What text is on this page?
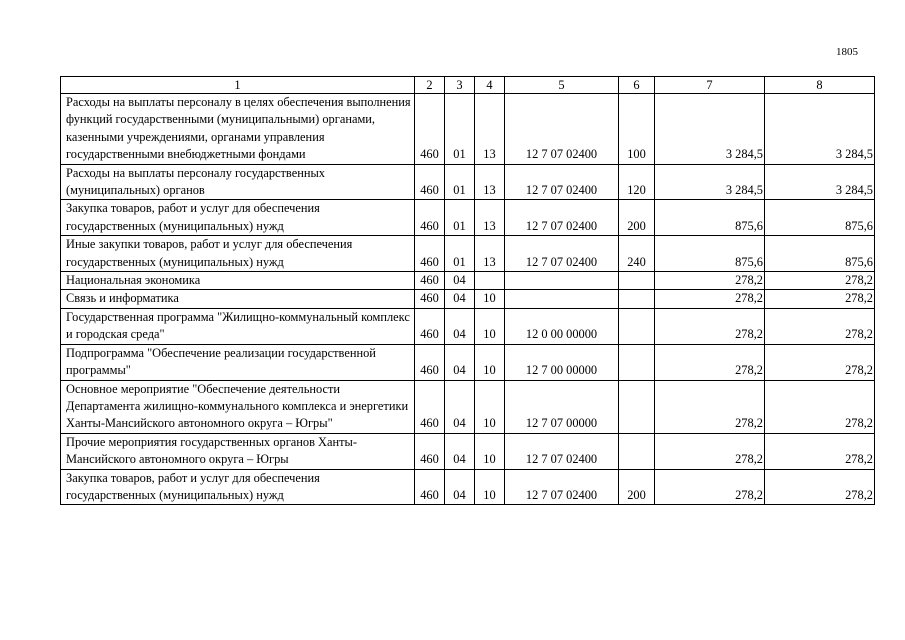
1805
1	2	3	4	5	6	7	8
Расходы на выплаты персоналу в целях обеспечения выполнения функций государственными (муниципальными) органами, казенными учреждениями, органами управления государственными внебюджетными фондами	460	01	13	12 7 07 02400	100	3 284,5	3 284,5
Расходы на выплаты персоналу государственных (муниципальных) органов	460	01	13	12 7 07 02400	120	3 284,5	3 284,5
Закупка товаров, работ и услуг для обеспечения государственных (муниципальных) нужд	460	01	13	12 7 07 02400	200	875,6	875,6
Иные закупки товаров, работ и услуг для обеспечения государственных (муниципальных) нужд	460	01	13	12 7 07 02400	240	875,6	875,6
Национальная экономика	460	04				278,2	278,2
Связь и информатика	460	04	10			278,2	278,2
Государственная программа "Жилищно-коммунальный комплекс и городская среда"	460	04	10	12 0 00 00000		278,2	278,2
Подпрограмма "Обеспечение реализации государственной программы"	460	04	10	12 7 00 00000		278,2	278,2
Основное мероприятие "Обеспечение деятельности Департамента жилищно-коммунального комплекса и энергетики Ханты-Мансийского автономного округа – Югры"	460	04	10	12 7 07 00000		278,2	278,2
Прочие мероприятия государственных органов Ханты-Мансийского автономного округа – Югры	460	04	10	12 7 07 02400		278,2	278,2
Закупка товаров, работ и услуг для обеспечения государственных (муниципальных) нужд	460	04	10	12 7 07 02400	200	278,2	278,2
